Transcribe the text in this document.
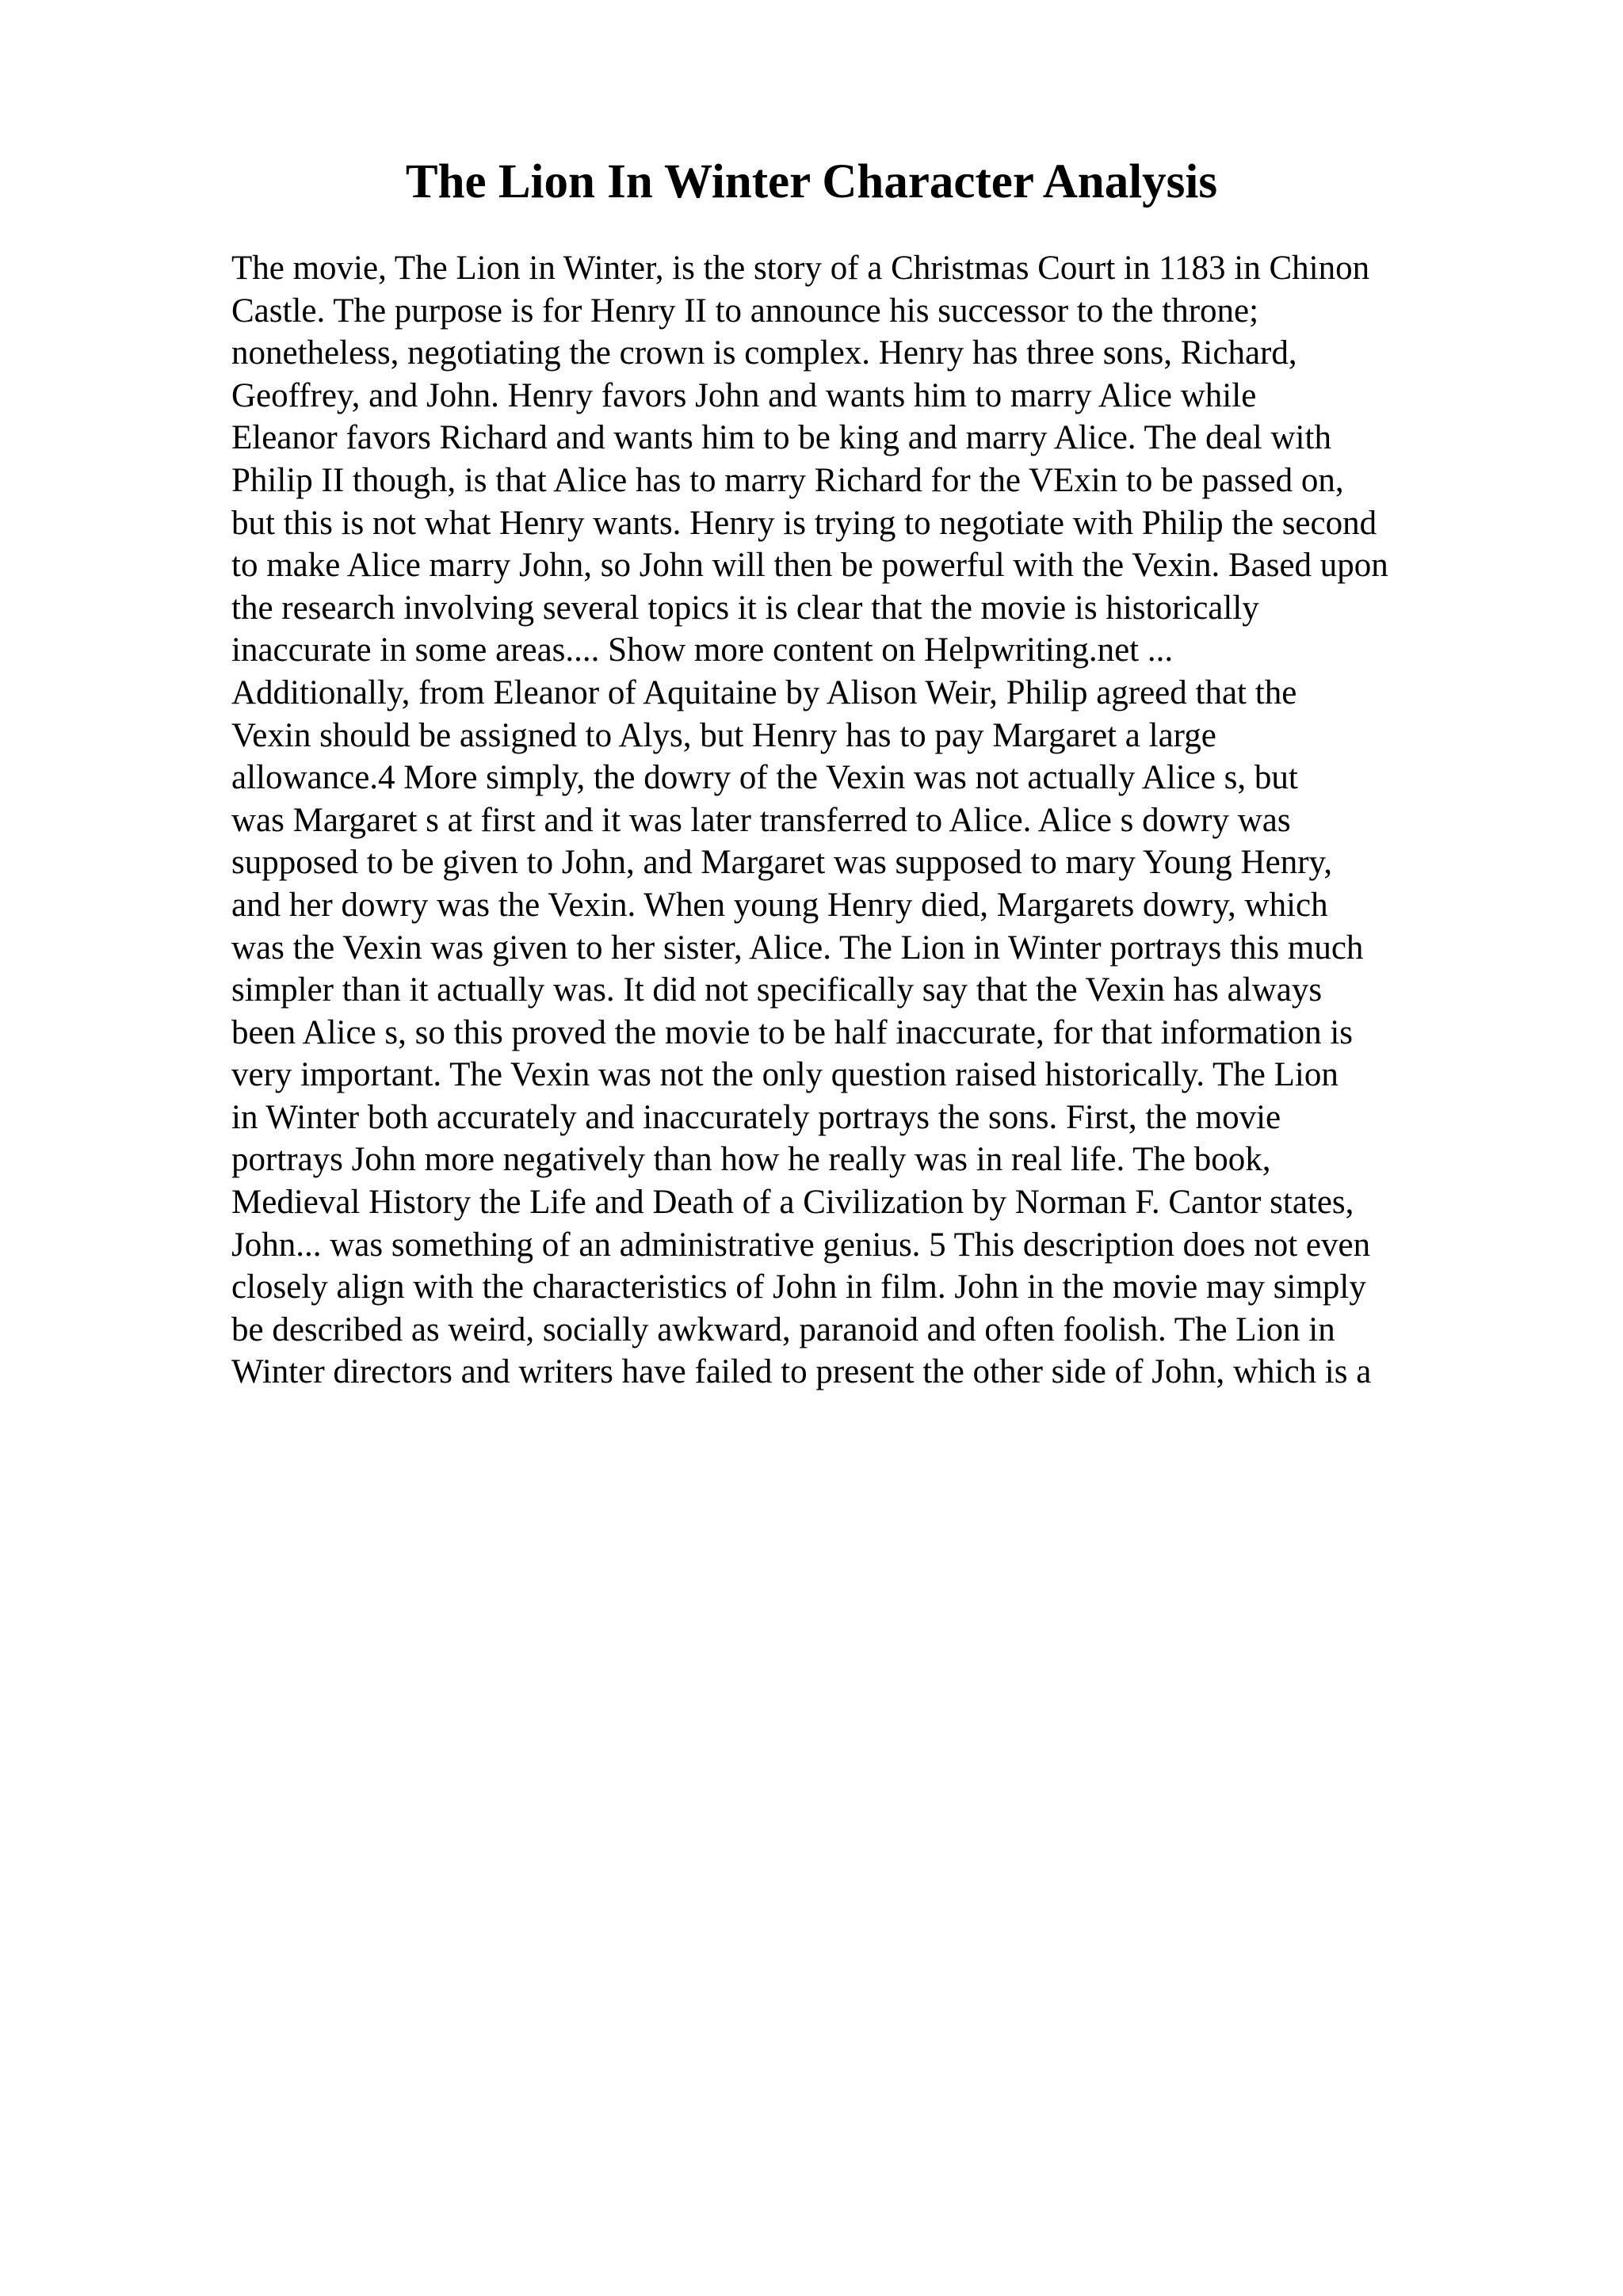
The Lion In Winter Character Analysis
The movie, The Lion in Winter, is the story of a Christmas Court in 1183 in Chinon
Castle. The purpose is for Henry II to announce his successor to the throne;
nonetheless, negotiating the crown is complex. Henry has three sons, Richard,
Geoffrey, and John. Henry favors John and wants him to marry Alice while
Eleanor favors Richard and wants him to be king and marry Alice. The deal with
Philip II though, is that Alice has to marry Richard for the VExin to be passed on,
but this is not what Henry wants. Henry is trying to negotiate with Philip the second
to make Alice marry John, so John will then be powerful with the Vexin. Based upon
the research involving several topics it is clear that the movie is historically
inaccurate in some areas.... Show more content on Helpwriting.net ...
Additionally, from Eleanor of Aquitaine by Alison Weir, Philip agreed that the
Vexin should be assigned to Alys, but Henry has to pay Margaret a large
allowance.4 More simply, the dowry of the Vexin was not actually Alice s, but
was Margaret s at first and it was later transferred to Alice. Alice s dowry was
supposed to be given to John, and Margaret was supposed to mary Young Henry,
and her dowry was the Vexin. When young Henry died, Margarets dowry, which
was the Vexin was given to her sister, Alice. The Lion in Winter portrays this much
simpler than it actually was. It did not specifically say that the Vexin has always
been Alice s, so this proved the movie to be half inaccurate, for that information is
very important. The Vexin was not the only question raised historically. The Lion
in Winter both accurately and inaccurately portrays the sons. First, the movie
portrays John more negatively than how he really was in real life. The book,
Medieval History the Life and Death of a Civilization by Norman F. Cantor states,
John... was something of an administrative genius. 5 This description does not even
closely align with the characteristics of John in film. John in the movie may simply
be described as weird, socially awkward, paranoid and often foolish. The Lion in
Winter directors and writers have failed to present the other side of John, which is a
